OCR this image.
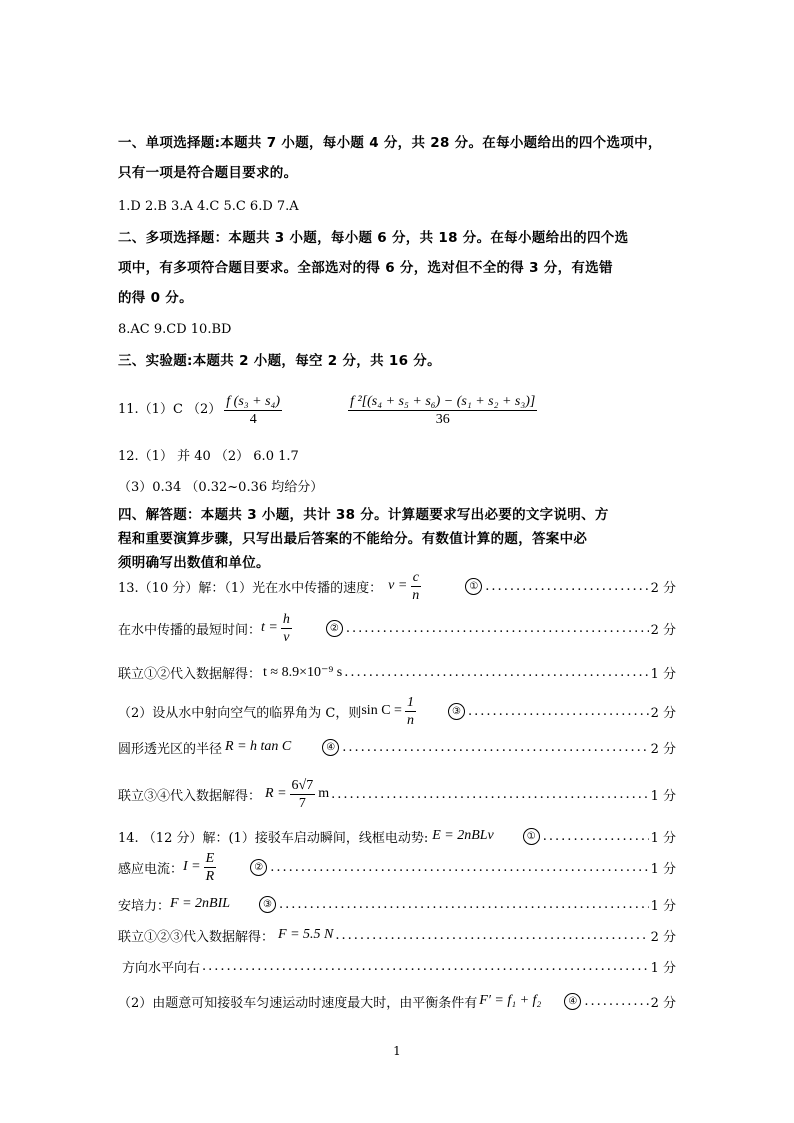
一、单项选择题:本题共 7 小题，每小题 4 分，共 28 分。在每小题给出的四个选项中，
只有一项是符合题目要求的。
1.D 2.B 3.A 4.C 5.C 6.D 7.A
二、多项选择题：本题共 3 小题，每小题 6 分，共 18 分。在每小题给出的四个选
项中，有多项符合题目要求。全部选对的得 6 分，选对但不全的得 3 分，有选错
的得 0 分。
8.AC 9.CD 10.BD
三、实验题:本题共 2 小题，每空 2 分，共 16 分。
11.（1）C $(2) \frac{\text{f (s₃ + s₄)}}{4}$	$\frac{\text{f ²[(s₄ + s₅ + s₆) − (s₁ + s₂ + s₃)]}}{36}$
12.（1） 并 40 （2） 6.0 1.7
（3）0.34 （0.32~0.36 均给分）
四、解答题：本题共 3 小题，共计 38 分。计算题要求写出必要的文字说明、方
程和重要演算步骤，只写出最后答案的不能给分。有数值计算的题，答案中必
须明确写出数值和单位。
13.（10 分）解：（1）光在水中传播的速度： $v = \frac{c}{n}$	① .....	2 分
在水中传播的最短时间： $t = \frac{h}{v}$	② .....	2 分
联立①②代入数据解得： t ≈ 8.9×10⁻⁹ s .....	1 分
（2）设从水中射向空气的临界角为 C，则 $\sin C = \frac{1}{n}$	③ .....	2 分
圆形透光区的半径 R = h tan C	④ .....	2 分
联立③④代入数据解得： $R = \frac{6√7}{7}$ m .....	1 分
14. （12 分）解：(1）接驳车启动瞬间，线框电动势: E = 2nBLv	① .....	1 分
感应电流： $I = \frac{E}{R}$	② .....	1 分
安培力： F = 2nBIL	③ .....	1 分
联立①②③代入数据解得： F = 5.5 N .....	2 分
方向水平向右 .....	1 分
（2）由题意可知接驳车匀速运动时速度最大时，由平衡条件有 F′ = f₁ + f₂	④ .....	2 分
1
